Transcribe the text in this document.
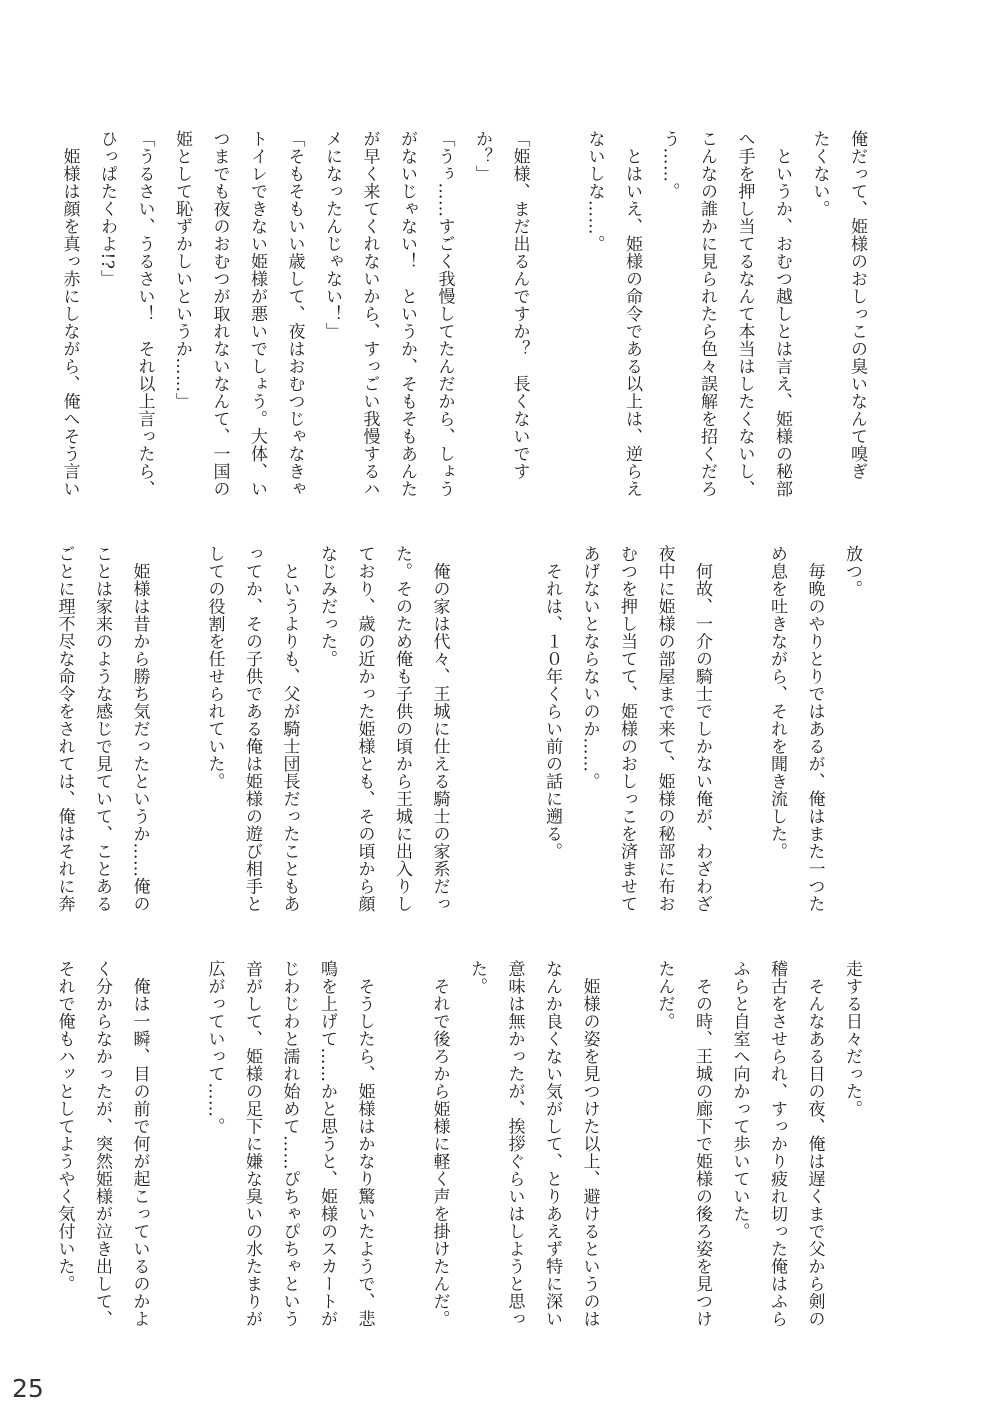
俺だって、姫様のおしっこの臭いなんて嗅ぎ
たくない。
　というか、おむつ越しとは言え、姫様の秘部
へ手を押し当てるなんて本当はしたくないし、
こんなの誰かに見られたら色々誤解を招くだろ
う……。
　とはいえ、姫様の命令である以上は、逆らえ
ないしな……。

「姫様、まだ出るんですか？　長くないです
か？」
「うぅ……すごく我慢してたんだから、しょう
がないじゃない！　というか、そもそもあんた
が早く来てくれないから、すっごい我慢するハ
メになったんじゃない！」
「そもそもいい歳して、夜はおむつじゃなきゃ
トイレできない姫様が悪いでしょう。大体、い
つまでも夜のおむつが取れないなんて、一国の
姫として恥ずかしいというか……」
「うるさい、うるさい！　それ以上言ったら、
ひっぱたくわよ!?」
　姫様は顔を真っ赤にしながら、俺へそう言い
放つ。
　毎晩のやりとりではあるが、俺はまた一つた
め息を吐きながら、それを聞き流した。

　何故、一介の騎士でしかない俺が、わざわざ
夜中に姫様の部屋まで来て、姫様の秘部に布お
むつを押し当てて、姫様のおしっこを済ませて
あげないとならないのか……。
　それは、１０年くらい前の話に遡る。

　俺の家は代々、王城に仕える騎士の家系だっ
た。そのため俺も子供の頃から王城に出入りし
ており、歳の近かった姫様とも、その頃から顔
なじみだった。
　というよりも、父が騎士団長だったこともあ
ってか、その子供である俺は姫様の遊び相手と
しての役割を任せられていた。

　姫様は昔から勝ち気だったというか……俺の
ことは家来のような感じで見ていて、ことある
ごとに理不尽な命令をされては、俺はそれに奔
走する日々だった。
　そんなある日の夜、俺は遅くまで父から剣の
稽古をさせられ、すっかり疲れ切った俺はふら
ふらと自室へ向かって歩いていた。
　その時、王城の廊下で姫様の後ろ姿を見つけ
たんだ。

　姫様の姿を見つけた以上、避けるというのは
なんか良くない気がして、とりあえず特に深い
意味は無かったが、挨拶ぐらいはしようと思っ
た。
　それで後ろから姫様に軽く声を掛けたんだ。

　そうしたら、姫様はかなり驚いたようで、悲
鳴を上げて……かと思うと、姫様のスカートが
じわじわと濡れ始めて……ぴちゃぴちゃという
音がして、姫様の足下に嫌な臭いの水たまりが
広がっていって……。

　俺は一瞬、目の前で何が起こっているのかよ
く分からなかったが、突然姫様が泣き出して、
それで俺もハッとしてようやく気付いた。
25
